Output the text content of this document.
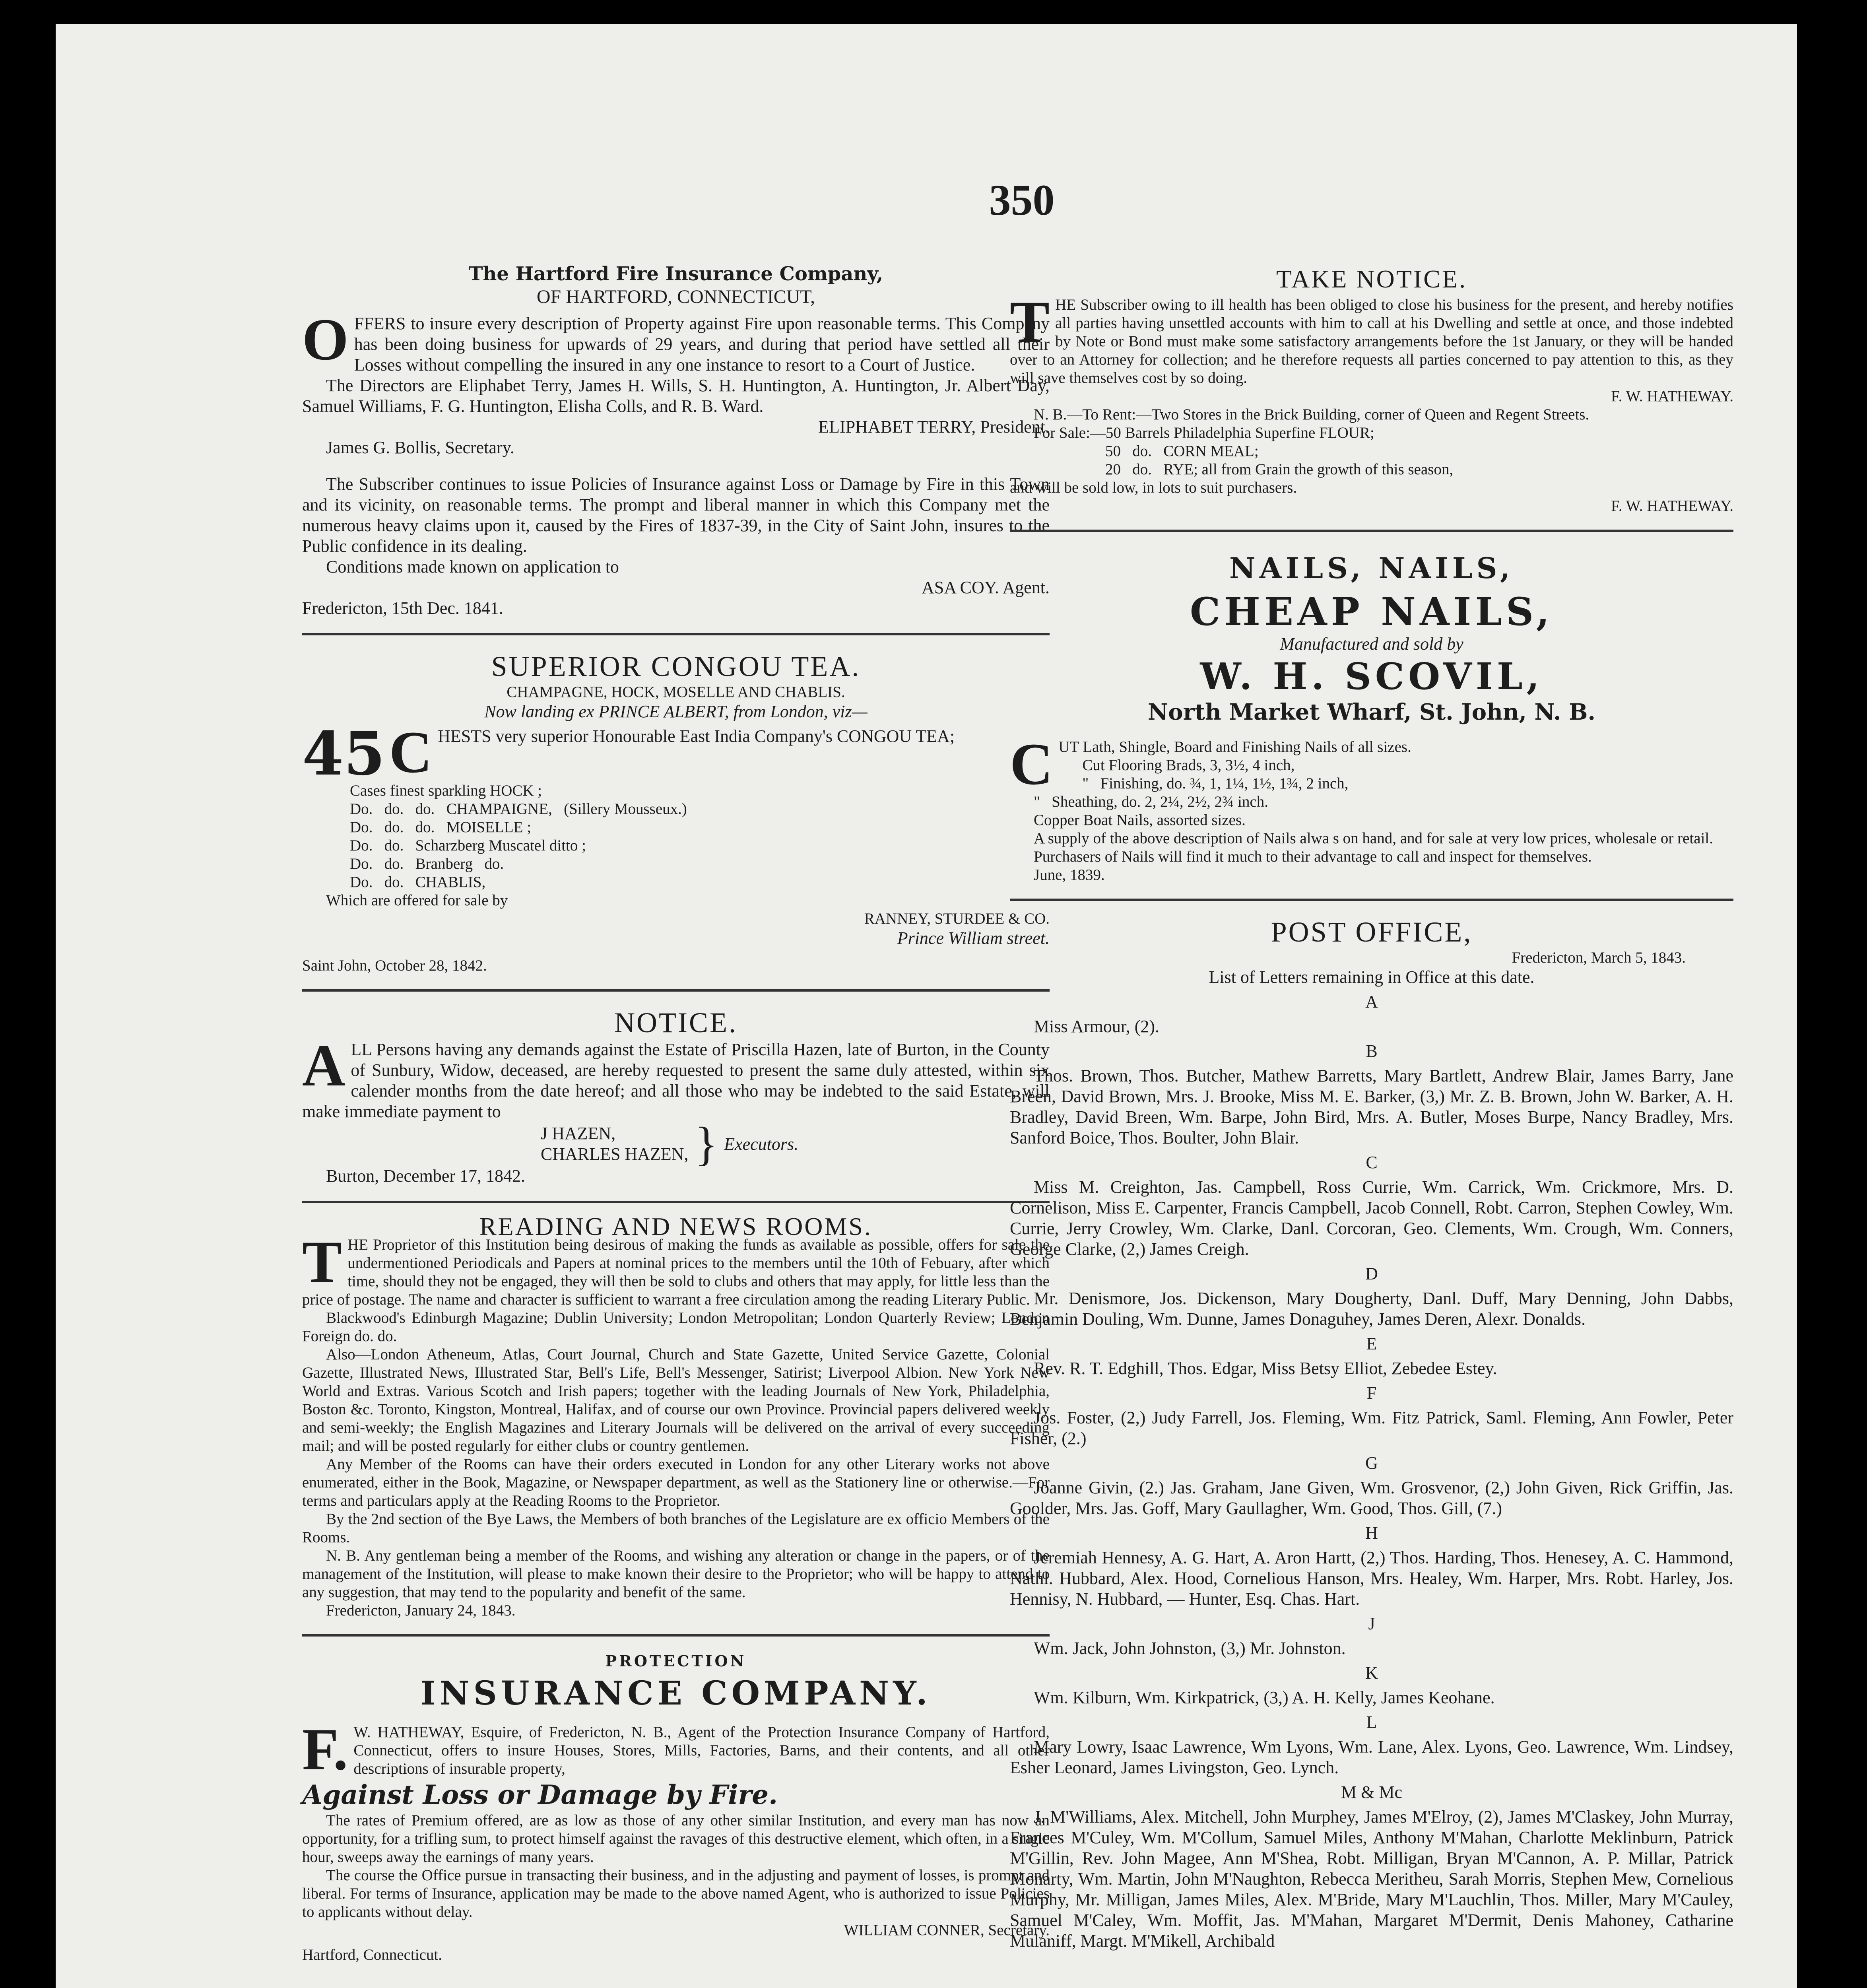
350

The Hartford Fire Insurance Company,

OF HARTFORD, CONNECTICUT,

OFFERS to insure every description of Property against Fire upon reasonable terms. This Company has been doing business for upwards of 29 years, and during that period have settled all their Losses without compelling the insured in any one instance to resort to a Court of Justice.

The Directors are Eliphabet Terry, James H. Wills, S. H. Huntington, A. Huntington, Jr. Albert Day, Samuel Williams, F. G. Huntington, Elisha Colls, and R. B. Ward.

ELIPHABET TERRY, President.

James G. Bollis, Secretary.

The Subscriber continues to issue Policies of Insurance against Loss or Damage by Fire in this Town and its vicinity, on reasonable terms. The prompt and liberal manner in which this Company met the numerous heavy claims upon it, caused by the Fires of 1837-39, in the City of Saint John, insures to the Public confidence in its dealing.

Conditions made known on application to

ASA COY. Agent.

Fredericton, 15th Dec. 1841.

SUPERIOR CONGOU TEA.

CHAMPAGNE, HOCK, MOSELLE AND CHABLIS.

Now landing ex PRINCE ALBERT, from London, viz—

45 C HESTS very superior Honourable East India Company's CONGOU TEA;

Cases finest sparkling HOCK ;

Do.   do.   do.   CHAMPAIGNE,   (Sillery Mousseux.)

Do.   do.   do.   MOISELLE ;

Do.   do.   Scharzberg Muscatel ditto ;

Do.   do.   Branberg   do.

Do.   do.   CHABLIS,

Which are offered for sale by

RANNEY, STURDEE & CO.

Prince William street.

Saint John, October 28, 1842.

NOTICE.

ALL Persons having any demands against the Estate of Priscilla Hazen, late of Burton, in the County of Sunbury, Widow, deceased, are hereby requested to present the same duly attested, within six calender months from the date hereof; and all those who may be indebted to the said Estate, will make immediate payment to

J HAZEN,

CHARLES HAZEN, } Executors.

Burton, December 17, 1842.

READING AND NEWS ROOMS.

THE Proprietor of this Institution being desirous of making the funds as available as possible, offers for sale the undermentioned Periodicals and Papers at nominal prices to the members until the 10th of Febuary, after which time, should they not be engaged, they will then be sold to clubs and others that may apply, for little less than the price of postage. The name and character is sufficient to warrant a free circulation among the reading Literary Public.

Blackwood's Edinburgh Magazine; Dublin University; London Metropolitan; London Quarterly Review; London Foreign do. do.

Also—London Atheneum, Atlas, Court Journal, Church and State Gazette, United Service Gazette, Colonial Gazette, Illustrated News, Illustrated Star, Bell's Life, Bell's Messenger, Satirist; Liverpool Albion. New York New World and Extras. Various Scotch and Irish papers; together with the leading Journals of New York, Philadelphia, Boston &c. Toronto, Kingston, Montreal, Halifax, and of course our own Province. Provincial papers delivered weekly and semi-weekly; the English Magazines and Literary Journals will be delivered on the arrival of every succeeding mail; and will be posted regularly for either clubs or country gentlemen.

Any Member of the Rooms can have their orders executed in London for any other Literary works not above enumerated, either in the Book, Magazine, or Newspaper department, as well as the Stationery line or otherwise.—For terms and particulars apply at the Reading Rooms to the Proprietor.

By the 2nd section of the Bye Laws, the Members of both branches of the Legislature are ex officio Members of the Rooms.

N. B. Any gentleman being a member of the Rooms, and wishing any alteration or change in the papers, or of the management of the Institution, will please to make known their desire to the Proprietor; who will be happy to attend to any suggestion, that may tend to the popularity and benefit of the same.

Fredericton, January 24, 1843.

PROTECTION

INSURANCE COMPANY.

F. W. HATHEWAY, Esquire, of Fredericton, N. B., Agent of the Protection Insurance Company of Hartford, Connecticut, offers to insure Houses, Stores, Mills, Factories, Barns, and their contents, and all other descriptions of insurable property,

Against Loss or Damage by Fire.

The rates of Premium offered, are as low as those of any other similar Institution, and every man has now an opportunity, for a trifling sum, to protect himself against the ravages of this destructive element, which often, in a single hour, sweeps away the earnings of many years.

The course the Office pursue in transacting their business, and in the adjusting and payment of losses, is prompt and liberal. For terms of Insurance, application may be made to the above named Agent, who is authorized to issue Policies to applicants without delay.

WILLIAM CONNER, Secretary.

Hartford, Connecticut.

TAKE NOTICE.

THE Subscriber owing to ill health has been obliged to close his business for the present, and hereby notifies all parties having unsettled accounts with him to call at his Dwelling and settle at once, and those indebted by Note or Bond must make some satisfactory arrangements before the 1st January, or they will be handed over to an Attorney for collection; and he therefore requests all parties concerned to pay attention to this, as they will save themselves cost by so doing.

F. W. HATHEWAY.

N. B.—To Rent:—Two Stores in the Brick Building, corner of Queen and Regent Streets.

For Sale:—50 Barrels Philadelphia Superfine FLOUR;

50   do.   CORN MEAL;

20   do.   RYE; all from Grain the growth of this season,

and will be sold low, in lots to suit purchasers.

F. W. HATHEWAY.

NAILS, NAILS,

CHEAP NAILS,

Manufactured and sold by

W. H. SCOVIL,

North Market Wharf, St. John, N. B.

CUT Lath, Shingle, Board and Finishing Nails of all sizes.

Cut Flooring Brads, 3, 3½, 4 inch,

"   Finishing, do. ¾, 1, 1¼, 1½, 1¾, 2 inch,

"   Sheathing, do. 2, 2¼, 2½, 2¾ inch.

Copper Boat Nails, assorted sizes.

A supply of the above description of Nails alwa s on hand, and for sale at very low prices, wholesale or retail.

Purchasers of Nails will find it much to their advantage to call and inspect for themselves.

June, 1839.

POST OFFICE,

Fredericton, March 5, 1843.

List of Letters remaining in Office at this date.

A

Miss Armour, (2).

B

Thos. Brown, Thos. Butcher, Mathew Barretts, Mary Bartlett, Andrew Blair, James Barry, Jane Breen, David Brown, Mrs. J. Brooke, Miss M. E. Barker, (3,) Mr. Z. B. Brown, John W. Barker, A. H. Bradley, David Breen, Wm. Barpe, John Bird, Mrs. A. Butler, Moses Burpe, Nancy Bradley, Mrs. Sanford Boice, Thos. Boulter, John Blair.

C

Miss M. Creighton, Jas. Campbell, Ross Currie, Wm. Carrick, Wm. Crickmore, Mrs. D. Cornelison, Miss E. Carpenter, Francis Campbell, Jacob Connell, Robt. Carron, Stephen Cowley, Wm. Currie, Jerry Crowley, Wm. Clarke, Danl. Corcoran, Geo. Clements, Wm. Crough, Wm. Conners, George Clarke, (2,) James Creigh.

D

Mr. Denismore, Jos. Dickenson, Mary Dougherty, Danl. Duff, Mary Denning, John Dabbs, Benjamin Douling, Wm. Dunne, James Donaguhey, James Deren, Alexr. Donalds.

E

Rev. R. T. Edghill, Thos. Edgar, Miss Betsy Elliot, Zebedee Estey.

F

Jos. Foster, (2,) Judy Farrell, Jos. Fleming, Wm. Fitz Patrick, Saml. Fleming, Ann Fowler, Peter Fisher, (2.)

G

Joanne Givin, (2.) Jas. Graham, Jane Given, Wm. Grosvenor, (2,) John Given, Rick Griffin, Jas. Goolder, Mrs. Jas. Goff, Mary Gaullagher, Wm. Good, Thos. Gill, (7.)

H

Jeremiah Hennesy, A. G. Hart, A. Aron Hartt, (2,) Thos. Harding, Thos. Henesey, A. C. Hammond, Nathl. Hubbard, Alex. Hood, Cornelious Hanson, Mrs. Healey, Wm. Harper, Mrs. Robt. Harley, Jos. Hennisy, N. Hubbard, — Hunter, Esq. Chas. Hart.

J

Wm. Jack, John Johnston, (3,) Mr. Johnston.

K

Wm. Kilburn, Wm. Kirkpatrick, (3,) A. H. Kelly, James Keohane.

L

Mary Lowry, Isaac Lawrence, Wm Lyons, Wm. Lane, Alex. Lyons, Geo. Lawrence, Wm. Lindsey, Esher Leonard, James Livingston, Geo. Lynch.

M & Mc

J. M'Williams, Alex. Mitchell, John Murphey, James M'Elroy, (2), James M'Claskey, John Murray, Frances M'Culey, Wm. M'Collum, Samuel Miles, Anthony M'Mahan, Charlotte Meklinburn, Patrick M'Gillin, Rev. John Magee, Ann M'Shea, Robt. Milligan, Bryan M'Cannon, A. P. Millar, Patrick Monarty, Wm. Martin, John M'Naughton, Rebecca Meritheu, Sarah Morris, Stephen Mew, Cornelious Murphy, Mr. Milligan, James Miles, Alex. M'Bride, Mary M'Lauchlin, Thos. Miller, Mary M'Cauley, Samuel M'Caley, Wm. Moffit, Jas. M'Mahan, Margaret M'Dermit, Denis Mahoney, Catharine Mulaniff, Margt. M'Mikell, Archibald
